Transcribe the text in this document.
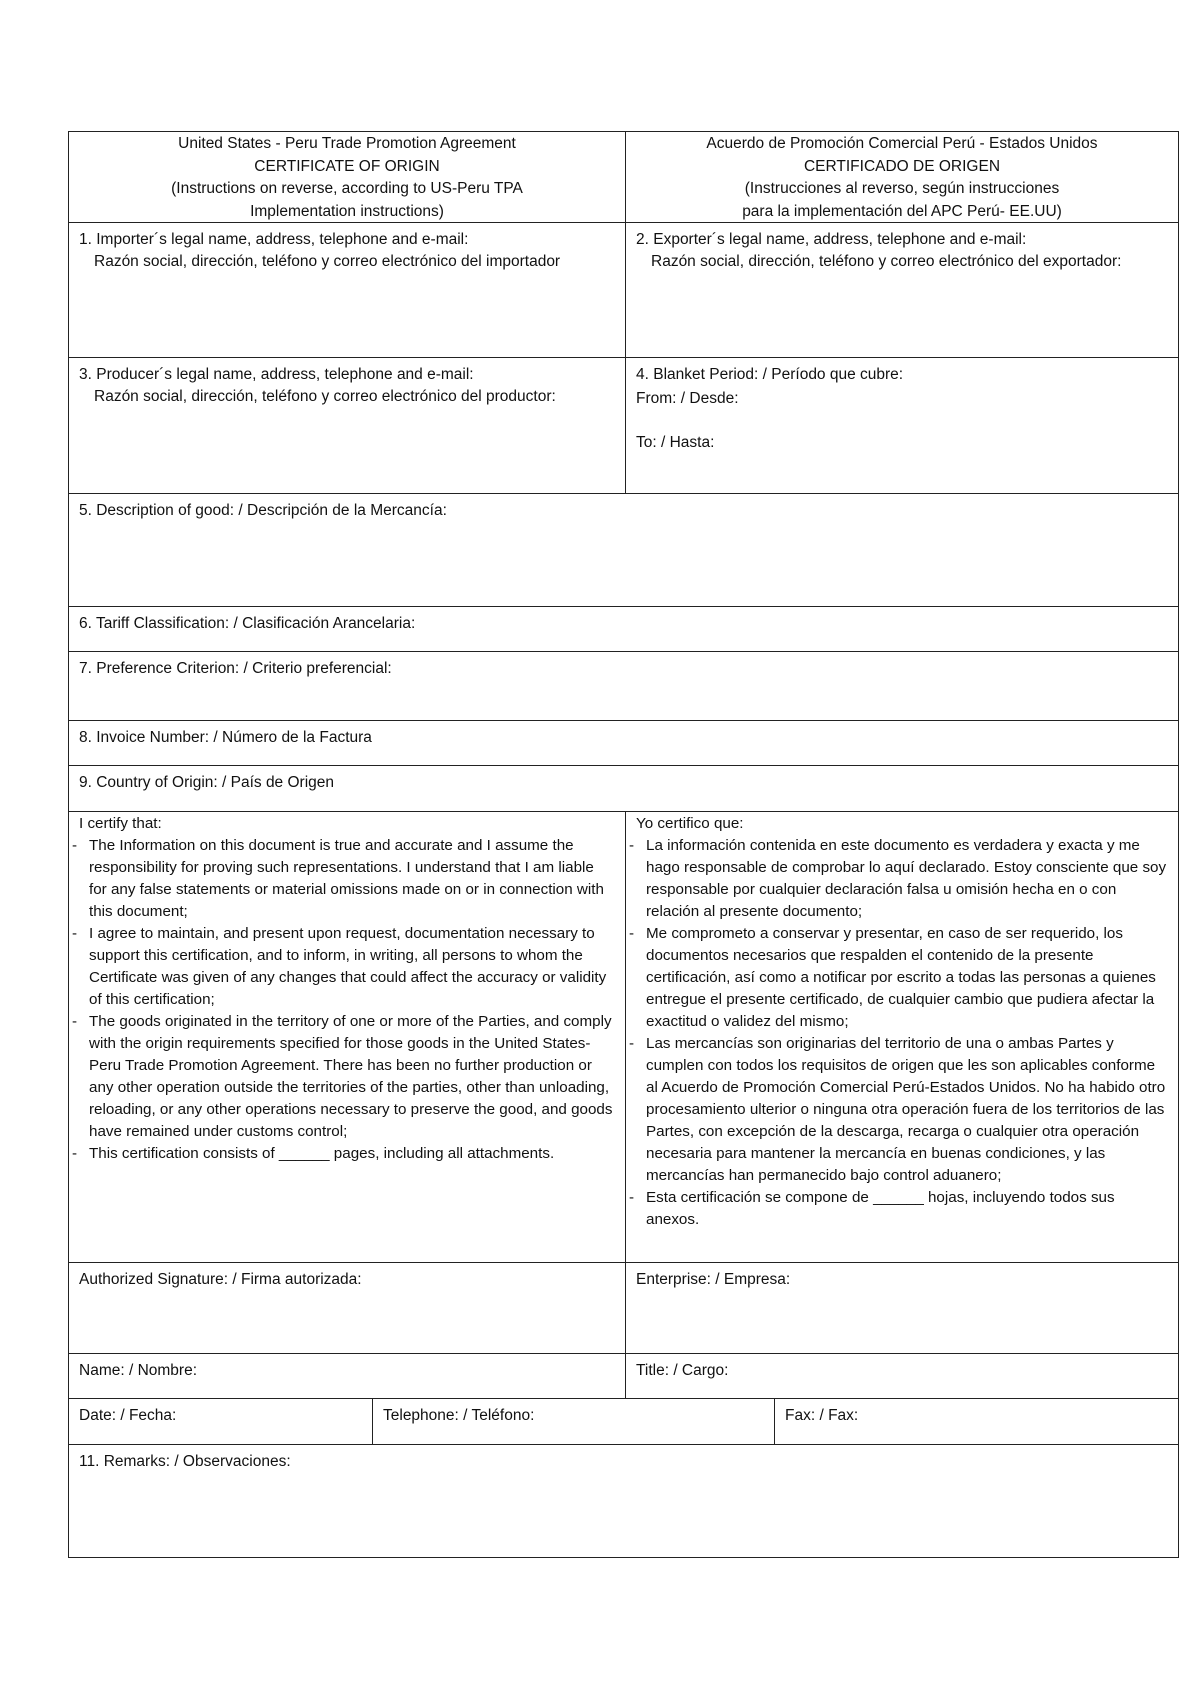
United States - Peru Trade Promotion Agreement
CERTIFICATE OF ORIGIN
(Instructions on reverse, according to US-Peru TPA
Implementation instructions)
Acuerdo de Promoción Comercial Perú - Estados Unidos
CERTIFICADO DE ORIGEN
(Instrucciones al reverso, según instrucciones
para la implementación del APC Perú- EE.UU)
1. Importer´s legal name, address, telephone and e-mail:
Razón social, dirección, teléfono y correo electrónico del importador
2. Exporter´s legal name, address, telephone and e-mail:
Razón social, dirección, teléfono y correo electrónico del exportador:
3. Producer´s legal name, address, telephone and e-mail:
Razón social, dirección, teléfono y correo electrónico del productor:
4. Blanket Period: / Período que cubre:
From: / Desde:
To: / Hasta:
5. Description of good: / Descripción de la Mercancía:
6. Tariff Classification: / Clasificación Arancelaria:
7. Preference Criterion: / Criterio preferencial:
8. Invoice Number: / Número de la Factura
9. Country of Origin: / País de Origen
I certify that:
- The Information on this document is true and accurate and I assume the responsibility for proving such representations. I understand that I am liable for any false statements or material omissions made on or in connection with this document;
- I agree to maintain, and present upon request, documentation necessary to support this certification, and to inform, in writing, all persons to whom the Certificate was given of any changes that could affect the accuracy or validity of this certification;
- The goods originated in the territory of one or more of the Parties, and comply with the origin requirements specified for those goods in the United States-Peru Trade Promotion Agreement. There has been no further production or any other operation outside the territories of the parties, other than unloading, reloading, or any other operations necessary to preserve the good, and goods have remained under customs control;
- This certification consists of ______ pages, including all attachments.
Yo certifico que:
- La información contenida en este documento es verdadera y exacta y me hago responsable de comprobar lo aquí declarado. Estoy consciente que soy responsable por cualquier declaración falsa u omisión hecha en o con relación al presente documento;
- Me comprometo a conservar y presentar, en caso de ser requerido, los documentos necesarios que respalden el contenido de la presente certificación, así como a notificar por escrito a todas las personas a quienes entregue el presente certificado, de cualquier cambio que pudiera afectar la exactitud o validez del mismo;
- Las mercancías son originarias del territorio de una o ambas Partes y cumplen con todos los requisitos de origen que les son aplicables conforme al Acuerdo de Promoción Comercial Perú-Estados Unidos. No ha habido otro procesamiento ulterior o ninguna otra operación fuera de los territorios de las Partes, con excepción de la descarga, recarga o cualquier otra operación necesaria para mantener la mercancía en buenas condiciones, y las mercancías han permanecido bajo control aduanero;
- Esta certificación se compone de ______ hojas, incluyendo todos sus anexos.
Authorized Signature: / Firma autorizada:	Enterprise: / Empresa:
Name: / Nombre:	Title: / Cargo:
Date: / Fecha:	Telephone: / Teléfono:	Fax: / Fax:
11. Remarks: / Observaciones:
